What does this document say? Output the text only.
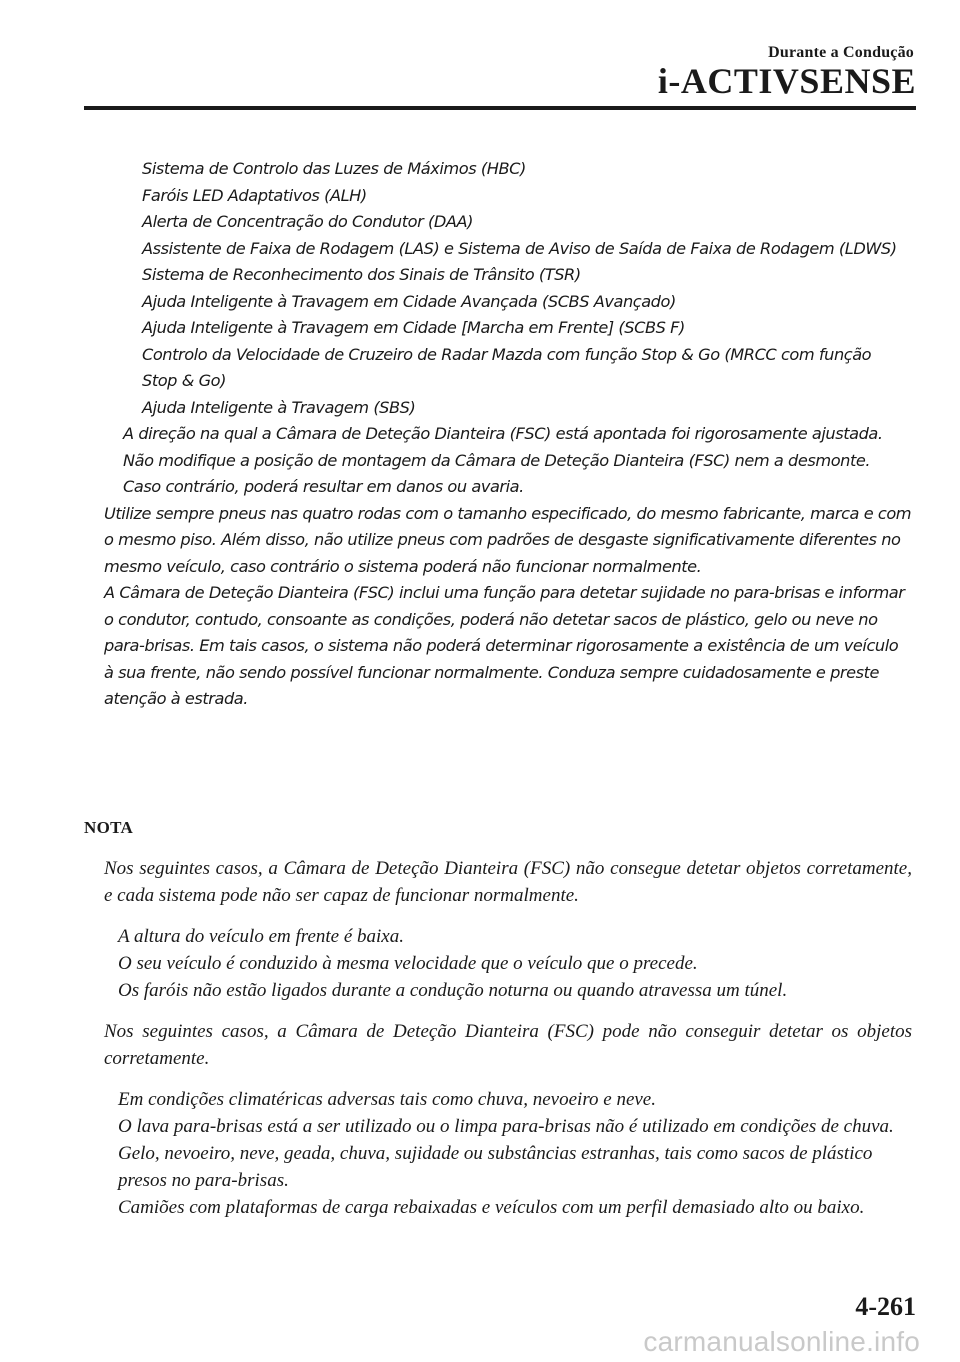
Durante a Condução
i-ACTIVSENSE
Sistema de Controlo das Luzes de Máximos (HBC)
Faróis LED Adaptativos (ALH)
Alerta de Concentração do Condutor (DAA)
Assistente de Faixa de Rodagem (LAS) e Sistema de Aviso de Saída de Faixa de Rodagem (LDWS)
Sistema de Reconhecimento dos Sinais de Trânsito (TSR)
Ajuda Inteligente à Travagem em Cidade Avançada (SCBS Avançado)
Ajuda Inteligente à Travagem em Cidade [Marcha em Frente] (SCBS F)
Controlo da Velocidade de Cruzeiro de Radar Mazda com função Stop & Go (MRCC com função Stop & Go)
Ajuda Inteligente à Travagem (SBS)
A direção na qual a Câmara de Deteção Dianteira (FSC) está apontada foi rigorosamente ajustada. Não modifique a posição de montagem da Câmara de Deteção Dianteira (FSC) nem a desmonte. Caso contrário, poderá resultar em danos ou avaria.
Utilize sempre pneus nas quatro rodas com o tamanho especificado, do mesmo fabricante, marca e com o mesmo piso. Além disso, não utilize pneus com padrões de desgaste significativamente diferentes no mesmo veículo, caso contrário o sistema poderá não funcionar normalmente.
A Câmara de Deteção Dianteira (FSC) inclui uma função para detetar sujidade no para-brisas e informar o condutor, contudo, consoante as condições, poderá não detetar sacos de plástico, gelo ou neve no para-brisas. Em tais casos, o sistema não poderá determinar rigorosamente a existência de um veículo à sua frente, não sendo possível funcionar normalmente. Conduza sempre cuidadosamente e preste atenção à estrada.
NOTA
Nos seguintes casos, a Câmara de Deteção Dianteira (FSC) não consegue detetar objetos corretamente, e cada sistema pode não ser capaz de funcionar normalmente.
A altura do veículo em frente é baixa.
O seu veículo é conduzido à mesma velocidade que o veículo que o precede.
Os faróis não estão ligados durante a condução noturna ou quando atravessa um túnel.
Nos seguintes casos, a Câmara de Deteção Dianteira (FSC) pode não conseguir detetar os objetos corretamente.
Em condições climatéricas adversas tais como chuva, nevoeiro e neve.
O lava para-brisas está a ser utilizado ou o limpa para-brisas não é utilizado em condições de chuva.
Gelo, nevoeiro, neve, geada, chuva, sujidade ou substâncias estranhas, tais como sacos de plástico presos no para-brisas.
Camiões com plataformas de carga rebaixadas e veículos com um perfil demasiado alto ou baixo.
4-261
carmanualsonline.info
